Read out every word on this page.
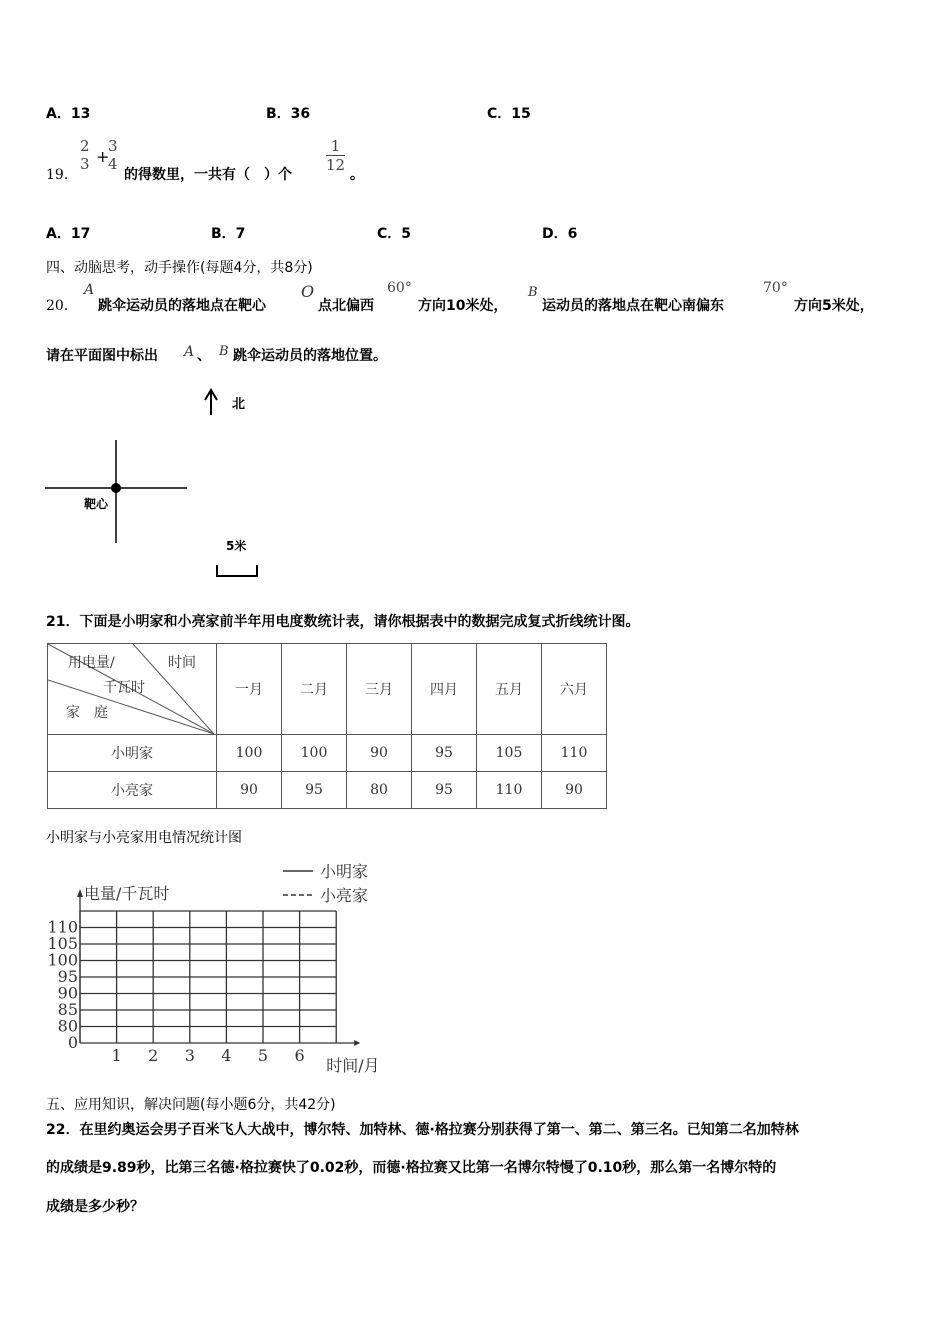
A．13	B．36	C．15
19．
2
3 +
3
4
的得数里，一共有（　）个
$\frac{1}{12}$
。
A．17	B．7	C．5	D．6
四、动脑思考，动手操作(每题4分，共8分)
20．
A
跳伞运动员的落地点在靶心
O
点北偏西
60°
方向10米处，
B
运动员的落地点在靶心南偏东
70°
方向5米处，
请在平面图中标出 A 、 B 跳伞运动员的落地位置。
北
靶心
5米
21．下面是小明家和小亮家前半年用电度数统计表，请你根据表中的数据完成复式折线统计图。
用电量/ 时间
千瓦时
家　庭	一月	二月	三月	四月	五月	六月
小明家	100	100	90	95	105	110
小亮家	90	95	80	95	110	90
小明家与小亮家用电情况统计图
110
105
100
95
90
85
80
0
1 2 3 4 5 6
电量/千瓦时
时间/月
小明家
小亮家
五、应用知识，解决问题(每小题6分，共42分)
22．在里约奥运会男子百米飞人大战中，博尔特、加特林、德·格拉赛分别获得了第一、第二、第三名。已知第二名加特林
的成绩是9.89秒，比第三名德·格拉赛快了0.02秒，而德·格拉赛又比第一名博尔特慢了0.10秒，那么第一名博尔特的
成绩是多少秒？
